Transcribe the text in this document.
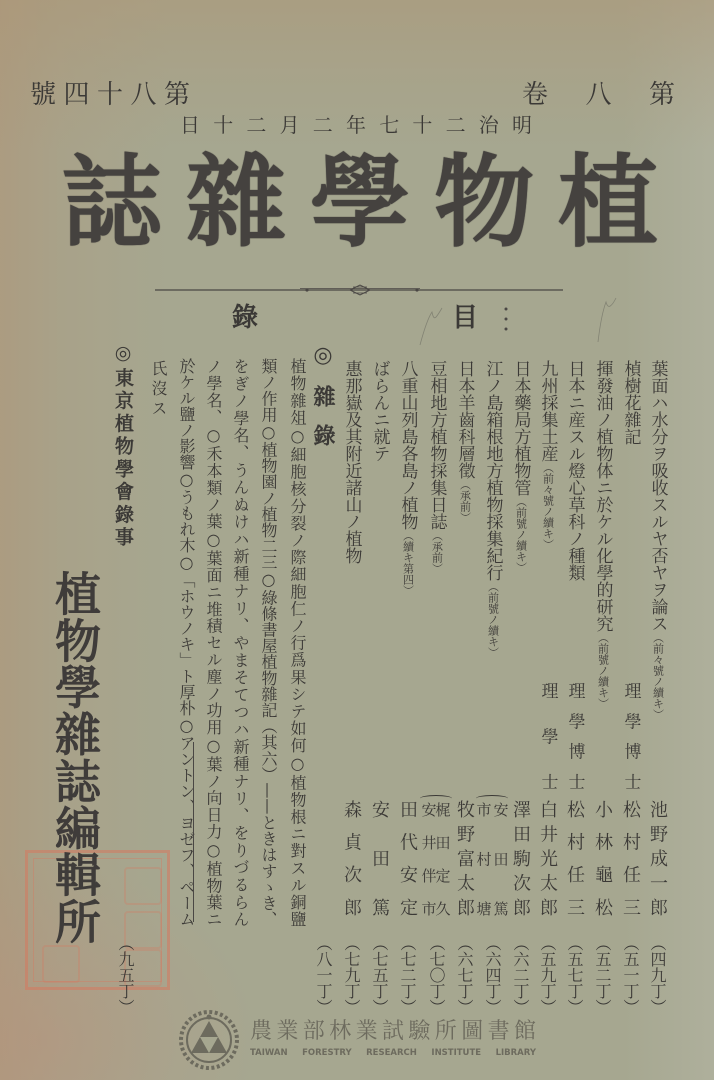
第八十四號	第八卷
明治二十七年二月二十日
植物學雜誌
目錄
葉面ハ水分ヲ吸收スルヤ否ヤヲ論ス（前々號ノ續キ）
池野成一郎
（四九丁）
楨樹花雜記
理學博士
松村任三
（五一丁）
揮發油ノ植物体ニ於ケル化學的研究（前號ノ續キ）
小林龜松
（五二丁）
日本ニ産スル燈心草科ノ種類
理學博士
松村任三
（五七丁）
九州採集土産（前々號ノ續キ）
理學士
白井光太郎
（五九丁）
日本藥局方植物管（前號ノ續キ）
澤田駒次郎
（六二丁）
江ノ島箱根地方植物採集紀行（前號ノ續キ）
安田篤
市村塘
（六四丁）
日本羊齒科層徵（承前）
牧野富太郎
（六七丁）
豆相地方植物採集日誌（承前）
梶田定久
安井伴市
（七〇丁）
八重山列島各島ノ植物（續キ第四）
田代安定
（七二丁）
ばらんニ就テ
安田篤
（七五丁）
惠那嶽及其附近諸山ノ植物
森貞次郎
（七九丁）
◎雜錄
（八一丁）
植物雜俎○細胞核分裂ノ際細胞仁ノ行爲果シテ如何○植物根ニ對スル銅鹽
類ノ作用○植物園ノ植物二三○綠條書屋植物雜記（其六）——ときはすゝき、
をぎノ學名、うんぬけハ新種ナリ、やまそてつハ新種ナリ、をりづるらん
ノ學名、○禾本類ノ葉○葉面ニ堆積セル塵ノ功用○葉ノ向日力○植物葉ニ
於ケル鹽ノ影響○うもれ木○「ホウノキ」ト厚朴○アントン、ヨゼフ、ペーム
氏沒ス
◎東京植物學會錄事
植物學雜誌編輯所
（九五丁）
農業部林業試驗所圖書館
TAIWAN FORESTRY RESEARCH INSTITUTE LIBRARY
